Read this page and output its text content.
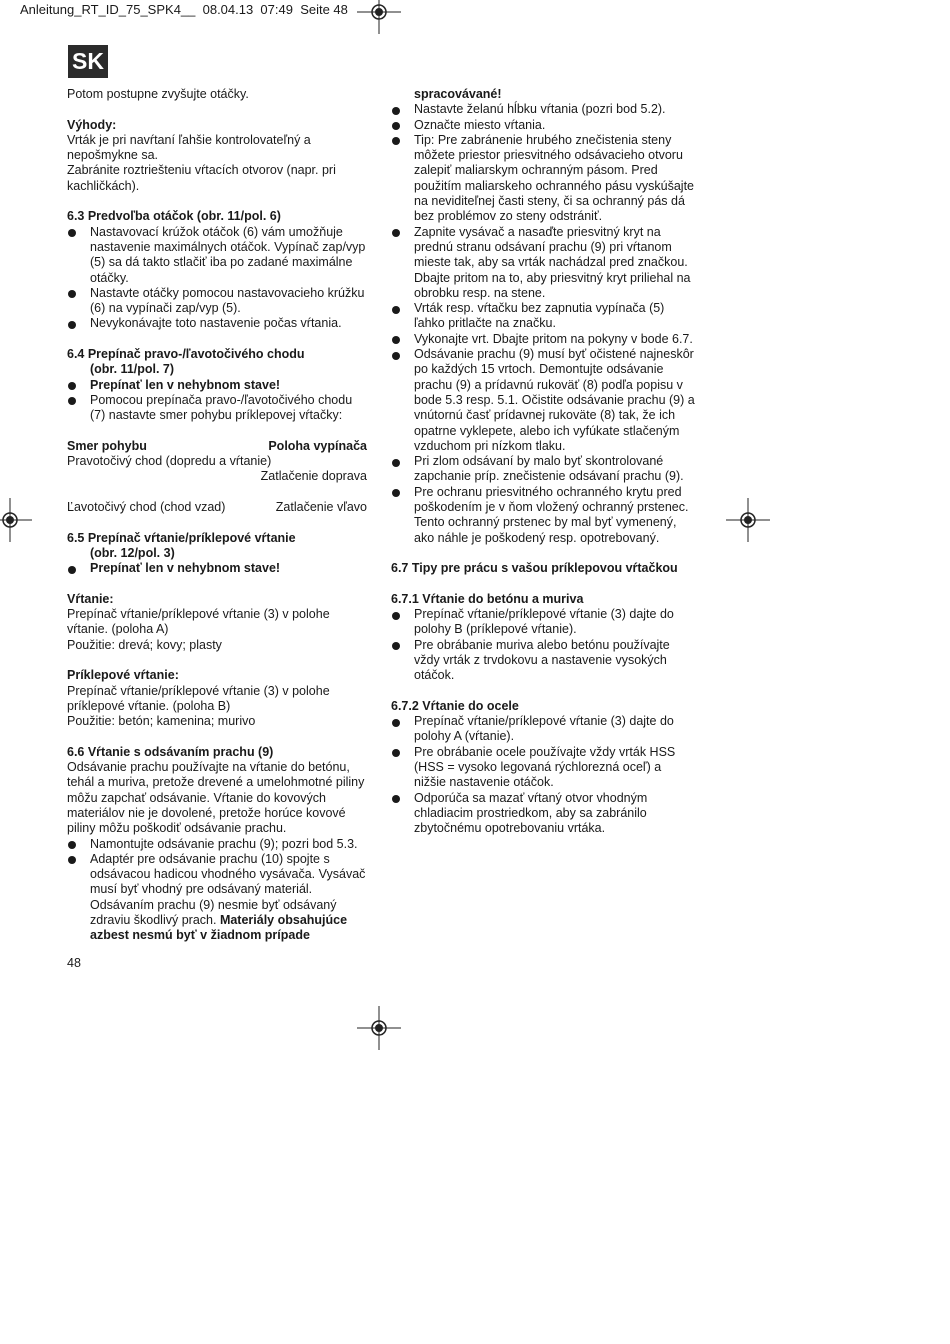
Anleitung_RT_ID_75_SPK4__  08.04.13  07:49  Seite 48
SK

Potom postupne zvyšujte otáčky.

Výhody:

Vrták je pri navŕtaní ľahšie kontrolovateľný a nepošmykne sa.

Zabránite roztriešteniu vŕtacích otvorov (napr. pri kachličkách).

6.3 Predvoľba otáčok (obr. 11/pol. 6)

Nastavovací krúžok otáčok (6) vám umožňuje nastavenie maximálnych otáčok. Vypínač zap/vyp (5) sa dá takto stlačiť iba po zadané maximálne otáčky.
Nastavte otáčky pomocou nastavovacieho krúžku (6) na vypínači zap/vyp (5).
Nevykonávajte toto nastavenie počas vŕtania.

6.4 Prepínač pravo-/ľavotočivého chodu

(obr. 11/pol. 7)

Prepínať len v nehybnom stave!
Pomocou prepínača pravo-/ľavotočivého chodu (7) nastavte smer pohybu príklepovej vŕtačky:
Smer pohybu	Poloha vypínača

Pravotočivý chod (dopredu a vŕtanie)

Zatlačenie doprava

Ľavotočivý chod (chod vzad)	Zatlačenie vľavo

6.5 Prepínač vŕtanie/príklepové vŕtanie

(obr. 12/pol. 3)

Prepínať len v nehybnom stave!

Vŕtanie:

Prepínač vŕtanie/príklepové vŕtanie (3) v polohe vŕtanie. (poloha A)

Použitie: drevá; kovy; plasty

Príklepové vŕtanie:

Prepínač vŕtanie/príklepové vŕtanie (3) v polohe príklepové vŕtanie. (poloha B)

Použitie: betón; kamenina; murivo

6.6 Vŕtanie s odsávaním prachu (9)

Odsávanie prachu používajte na vŕtanie do betónu, tehál a muriva, pretože drevené a umelohmotné piliny môžu zapchať odsávanie. Vŕtanie do kovových materiálov nie je dovolené, pretože horúce kovové piliny môžu poškodiť odsávanie prachu.

Namontujte odsávanie prachu (9); pozri bod 5.3.
Adaptér pre odsávanie prachu (10) spojte s odsávacou hadicou vhodného vysávača. Vysávač musí byť vhodný pre odsávaný materiál. Odsávaním prachu (9) nesmie byť odsávaný zdraviu škodlivý prach. Materiály obsahujúce azbest nesmú byť v žiadnom prípade

spracovávané!

Nastavte želanú hĺbku vŕtania (pozri bod 5.2).
Označte miesto vŕtania.
Tip: Pre zabránenie hrubého znečistenia steny môžete priestor priesvitného odsávacieho otvoru zalepiť maliarskym ochranným pásom. Pred použitím maliarskeho ochranného pásu vyskúšajte na neviditeľnej časti steny, či sa ochranný pás dá bez problémov zo steny odstrániť.
Zapnite vysávač a nasaďte priesvitný kryt na prednú stranu odsávaní prachu (9) pri vŕtanom mieste tak, aby sa vrták nachádzal pred značkou. Dbajte pritom na to, aby priesvitný kryt priliehal na obrobku resp. na stene.
Vrták resp. vŕtačku bez zapnutia vypínača (5) ľahko pritlačte na značku.
Vykonajte vrt. Dbajte pritom na pokyny v bode 6.7.
Odsávanie prachu (9) musí byť očistené najneskôr po každých 15 vrtoch. Demontujte odsávanie prachu (9) a prídavnú rukoväť (8) podľa popisu v bode 5.3 resp. 5.1. Očistite odsávanie prachu (9) a vnútornú časť prídavnej rukoväte (8) tak, že ich opatrne vyklepete, alebo ich vyfúkate stlačeným vzduchom pri nízkom tlaku.
Pri zlom odsávaní by malo byť skontrolované zapchanie príp. znečistenie odsávaní prachu (9).
Pre ochranu priesvitného ochranného krytu pred poškodením je v ňom vložený ochranný prstenec. Tento ochranný prstenec by mal byť vymenený, ako náhle je poškodený resp. opotrebovaný.

6.7 Tipy pre prácu s vašou príklepovou vŕtačkou

6.7.1 Vŕtanie do betónu a muriva

Prepínač vŕtanie/príklepové vŕtanie (3) dajte do polohy B (príklepové vŕtanie).
Pre obrábanie muriva alebo betónu používajte vždy vrták z trvdokovu a nastavenie vysokých otáčok.

6.7.2 Vŕtanie do ocele

Prepínač vŕtanie/príklepové vŕtanie (3) dajte do polohy A (vŕtanie).
Pre obrábanie ocele používajte vždy vrták HSS (HSS = vysoko legovaná rýchlorezná oceľ) a nižšie nastavenie otáčok.
Odporúča sa mazať vŕtaný otvor vhodným chladiacim prostriedkom, aby sa zabránilo zbytočnému opotrebovaniu vrtáka.
48
